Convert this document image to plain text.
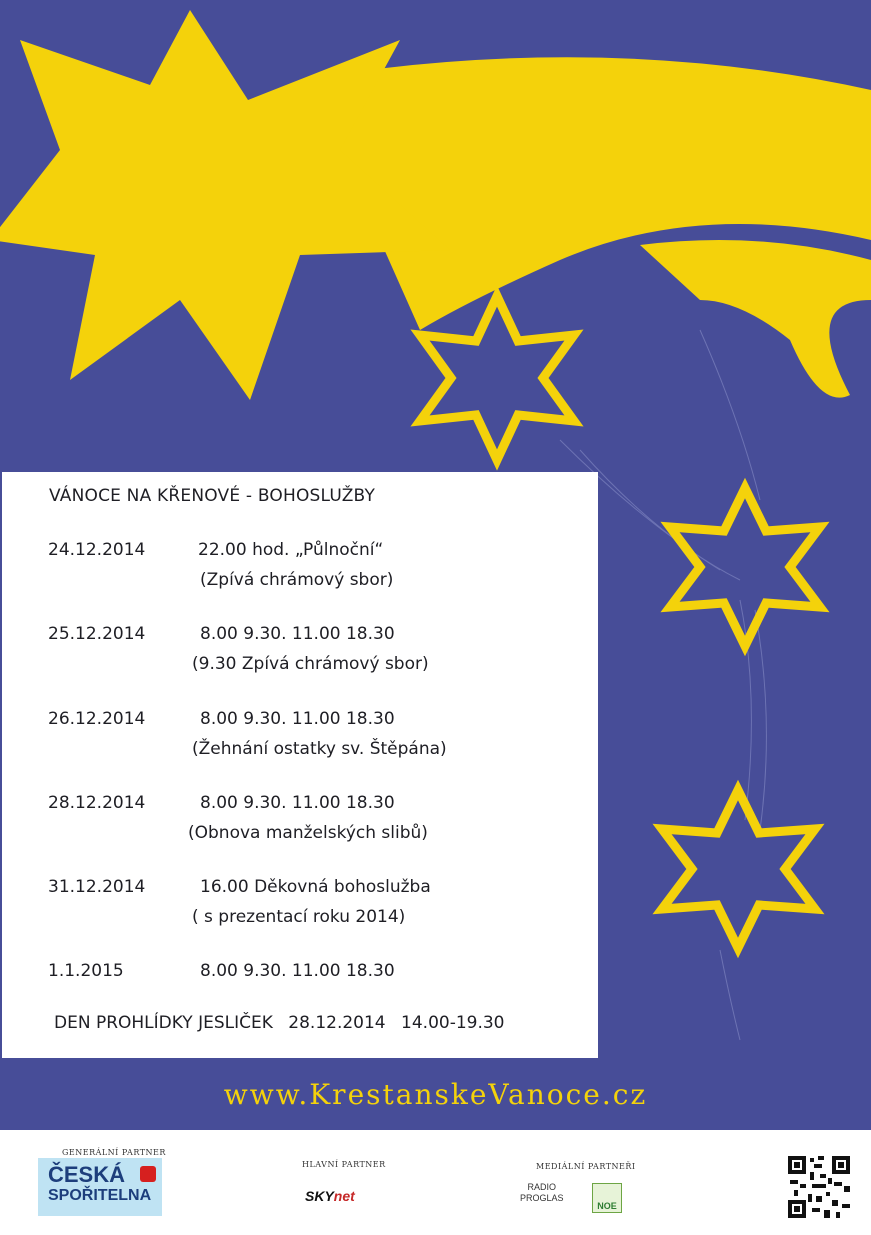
VÁNOCE NA KŘENOVÉ - BOHOSLUŽBY
24.12.2014	22.00 hod. „Půlnoční“
(Zpívá chrámový sbor)
25.12.2014	8.00 9.30. 11.00 18.30
(9.30 Zpívá chrámový sbor)
26.12.2014	8.00 9.30. 11.00 18.30
(Žehnání ostatky sv. Štěpána)
28.12.2014	8.00 9.30. 11.00 18.30
(Obnova manželských slibů)
31.12.2014	16.00 Děkovná bohoslužba
( s prezentací roku 2014)
1.1.2015	8.00 9.30. 11.00 18.30
DEN PROHLÍDKY JESLIČEK 28.12.2014 14.00-19.30
www.KrestanskeVanoce.cz
GENERÁLNÍ PARTNER
ČESKÁ
SPOŘITELNA
HLAVNÍ PARTNER
SKYnet
MEDIÁLNÍ PARTNEŘI
RADIO
PROGLAS
NOE
